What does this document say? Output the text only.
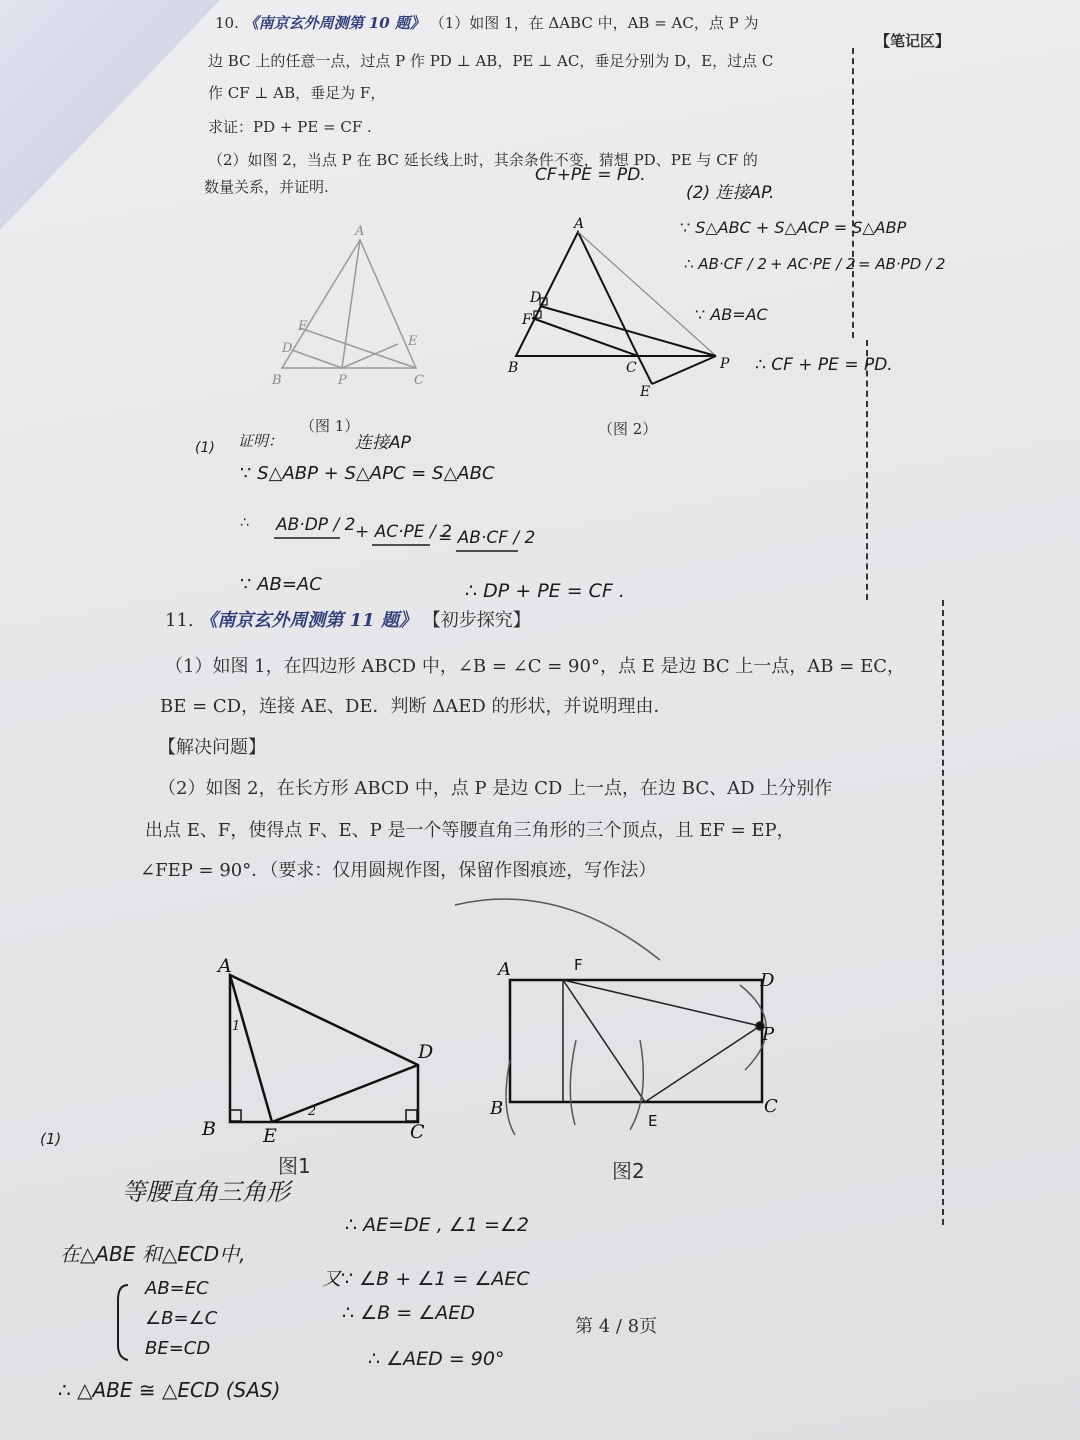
【笔记区】
10. 《南京玄外周测第 10 题》 （1）如图 1，在 ΔABC 中，AB = AC，点 P 为
边 BC 上的任意一点，过点 P 作 PD ⊥ AB，PE ⊥ AC，垂足分别为 D，E，过点 C
作 CF ⊥ AB，垂足为 F，
求证：PD + PE = CF .
（2）如图 2，当点 P 在 BC 延长线上时，其余条件不变，猜想 PD、PE 与 CF 的
数量关系，并证明.
CF+PE = PD.
(2) 连接AP.
∵ S△ABC + S△ACP = S△ABP
∴ AB·CF / 2 + AC·PE / 2 = AB·PD / 2
∵ AB=AC
∴ CF + PE = PD.
（图 1）	（图 2）
(1) 证明：	连接AP
∵ S△ABP + S△APC = S△ABC
∴ AB·DP / 2 + AC·PE / 2
= AB·CF / 2
∵ AB=AC	∴ DP + PE = CF .
11. 《南京玄外周测第 11 题》 【初步探究】
（1）如图 1，在四边形 ABCD 中，∠B = ∠C = 90°，点 E 是边 BC 上一点，AB = EC，
BE = CD，连接 AE、DE．判断 ΔAED 的形状，并说明理由．
【解决问题】
（2）如图 2，在长方形 ABCD 中，点 P 是边 CD 上一点，在边 BC、AD 上分别作
出点 E、F，使得点 F、E、P 是一个等腰直角三角形的三个顶点，且 EF = EP，
∠FEP = 90°．（要求：仅用圆规作图，保留作图痕迹，写作法）
图1	图2
(1)
等腰直角三角形
在△ABE 和△ECD中,
AB=EC
∠B=∠C
BE=CD
∴ △ABE ≅ △ECD (SAS)
∴ AE=DE , ∠1 =∠2
又∵ ∠B + ∠1 = ∠AEC
∴ ∠B = ∠AED
∴ ∠AED = 90°
第 4 / 8页
A
B	C
P
D	E
F
A
B	C	P
D
F
E
A
B E	C
D
1
2
A	F
D
P
B	C
E
